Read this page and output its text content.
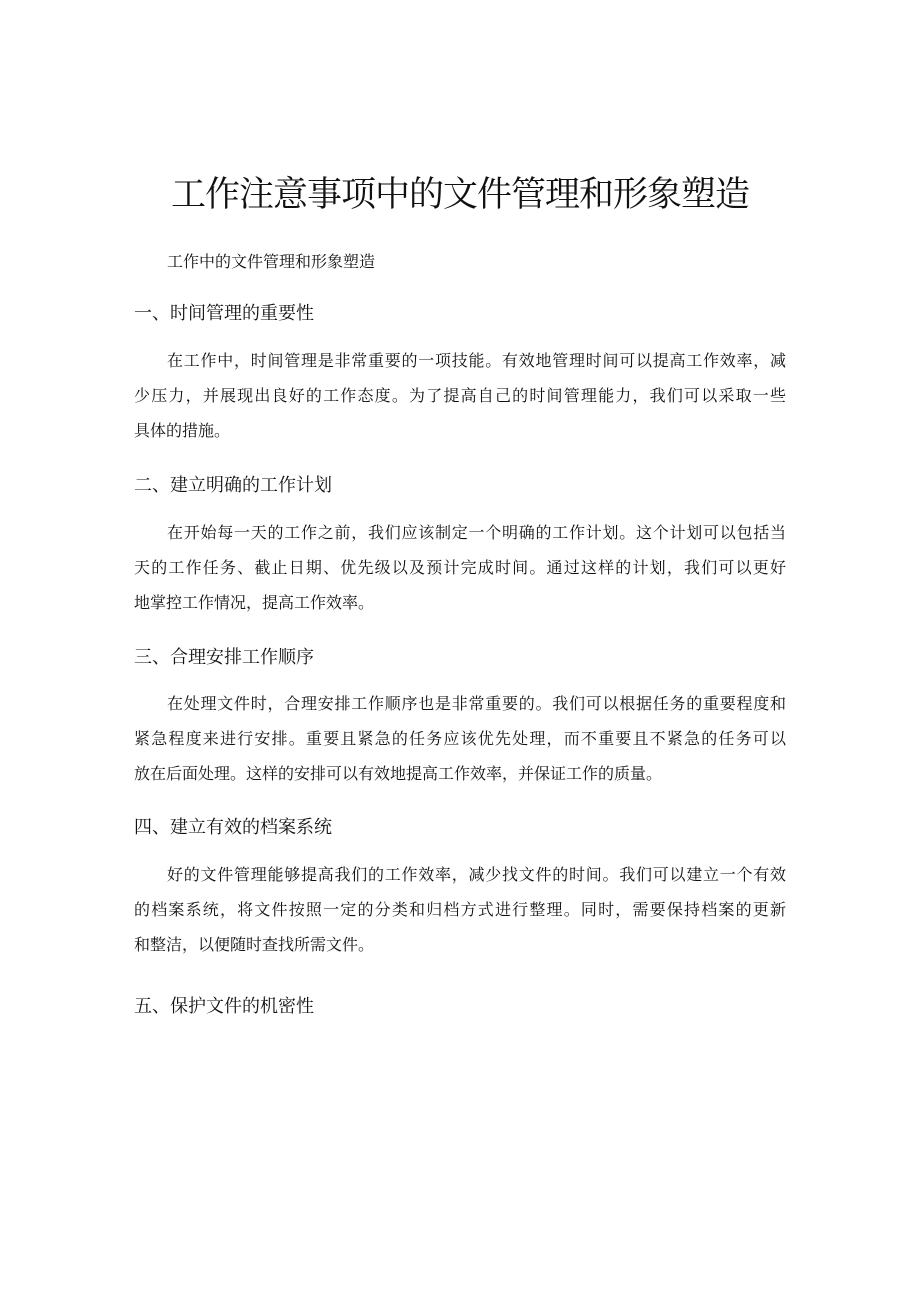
工作注意事项中的文件管理和形象塑造
工作中的文件管理和形象塑造
一、时间管理的重要性
在工作中，时间管理是非常重要的一项技能。有效地管理时间可以提高工作效率，减
少压力，并展现出良好的工作态度。为了提高自己的时间管理能力，我们可以采取一些
具体的措施。
二、建立明确的工作计划
在开始每一天的工作之前，我们应该制定一个明确的工作计划。这个计划可以包括当
天的工作任务、截止日期、优先级以及预计完成时间。通过这样的计划，我们可以更好
地掌控工作情况，提高工作效率。
三、合理安排工作顺序
在处理文件时，合理安排工作顺序也是非常重要的。我们可以根据任务的重要程度和
紧急程度来进行安排。重要且紧急的任务应该优先处理，而不重要且不紧急的任务可以
放在后面处理。这样的安排可以有效地提高工作效率，并保证工作的质量。
四、建立有效的档案系统
好的文件管理能够提高我们的工作效率，减少找文件的时间。我们可以建立一个有效
的档案系统，将文件按照一定的分类和归档方式进行整理。同时，需要保持档案的更新
和整洁，以便随时查找所需文件。
五、保护文件的机密性
